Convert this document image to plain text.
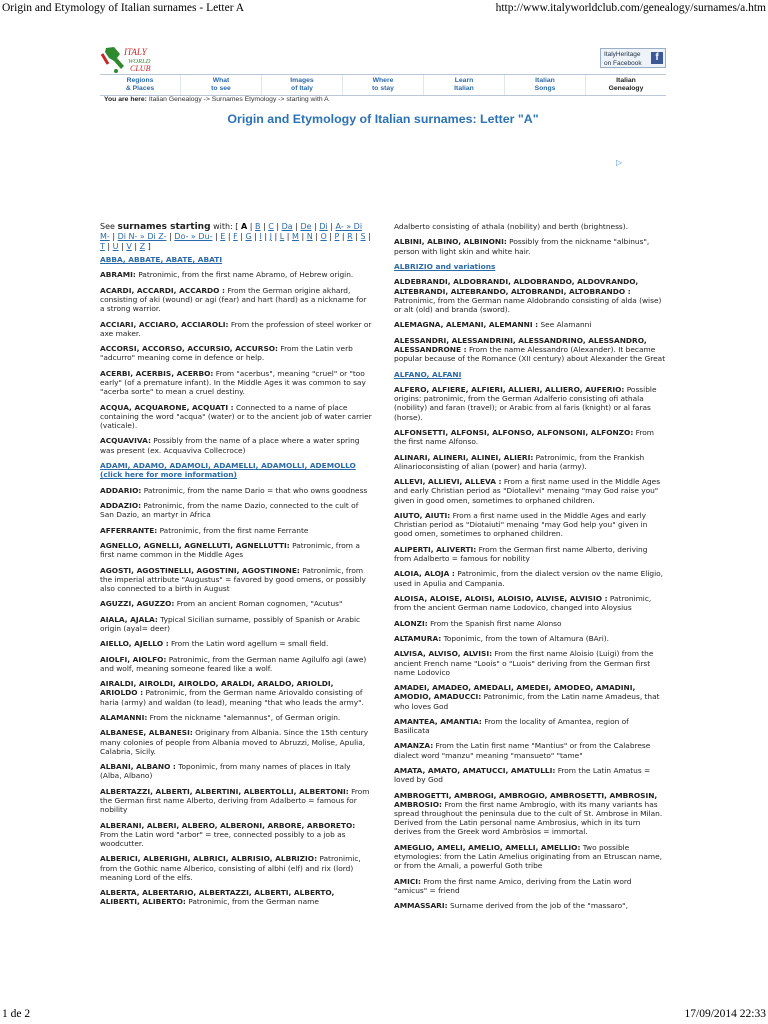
Origin and Etymology of Italian surnames - Letter A	http://www.italyworldclub.com/genealogy/surnames/a.htm
ITALY
WORLD
CLUB
ItalyHeritage
on Facebook
f
Regions
& Places
What
to see
Images
of Italy
Where
to stay
Learn
Italian
Italian
Songs
Italian
Genealogy
You are here: Italian Genealogy -> Surnames Etymology -> starting with A
Origin and Etymology of Italian surnames: Letter "A"
▷
See surnames starting with: [ A | B | C | Da | De | Di | A- » Di M- | Di N- » Di Z- | Do- » Du- | E | F | G | I | J | L | M | N | O | P | R | S | T | U | V | Z ]

ABBA, ABBATE, ABATE, ABATI

ABRAMI: Patronimic, from the first name Abramo, of Hebrew origin.

ACARDI, ACCARDI, ACCARDO : From the German origine akhard, consisting of aki (wound) or agi (fear) and hart (hard) as a nickname for a strong warrior.

ACCIARI, ACCIARO, ACCIAROLI: From the profession of steel worker or axe maker.

ACCORSI, ACCORSO, ACCURSIO, ACCURSO: From the Latin verb "adcurro" meaning come in defence or help.

ACERBI, ACERBIS, ACERBO: From "acerbus", meaning "cruel" or "too early" (of a premature infant). In the Middle Ages it was common to say "acerba sorte" to mean a cruel destiny.

ACQUA, ACQUARONE, ACQUATI : Connected to a name of place containing the word "acqua" (water) or to the ancient job of water carrier (vaticale).

ACQUAVIVA: Possibly from the name of a place where a water spring was present (ex. Acquaviva Collecroce)

ADAMI, ADAMO, ADAMOLI, ADAMELLI, ADAMOLLI, ADEMOLLO (click here for more information)

ADDARIO: Patronimic, from the name Dario = that who owns goodness

ADDAZIO: Patronimic, from the name Dazio, connected to the cult of San Dazio, an martyr in Africa

AFFERRANTE: Patronimic, from the first name Ferrante

AGNELLO, AGNELLI, AGNELLUTI, AGNELLUTTI: Patronimic, from a first name common in the Middle Ages

AGOSTI, AGOSTINELLI, AGOSTINI, AGOSTINONE: Patronimic, from the imperial attribute "Augustus" = favored by good omens, or possibly also connected to a birth in August

AGUZZI, AGUZZO: From an ancient Roman cognomen, "Acutus"

AIALA, AJALA: Typical Sicilian surname, possibly of Spanish or Arabic origin (ayal= deer)

AIELLO, AJELLO : From the Latin word agellum = small field.

AIOLFI, AIOLFO: Patronimic, from the German name Agilulfo agi (awe) and wolf, meaning someone feared like a wolf.

AIRALDI, AIROLDI, AIROLDO, ARALDI, ARALDO, ARIOLDI, ARIOLDO : Patronimic, from the German name Ariovaldo consisting of haria (army) and waldan (to lead), meaning "that who leads the army".

ALAMANNI: From the nickname "alemannus", of German origin.

ALBANESE, ALBANESI: Originary from Albania. Since the 15th century many colonies of people from Albania moved to Abruzzi, Molise, Apulia, Calabria, Sicily.

ALBANI, ALBANO : Toponimic, from many names of places in Italy (Alba, Albano)

ALBERTAZZI, ALBERTI, ALBERTINI, ALBERTOLLI, ALBERTONI: From the German first name Alberto, deriving from Adalberto = famous for nobility

ALBERANI, ALBERI, ALBERO, ALBERONI, ARBORE, ARBORETO: From the Latin word "arbor" = tree, connected possibly to a job as woodcutter.

ALBERICI, ALBERIGHI, ALBRICI, ALBRISIO, ALBRIZIO: Patronimic, from the Gothic name Alberico, consisting of albhi (elf) and rix (lord) meaning Lord of the elfs.

ALBERTA, ALBERTARIO, ALBERTAZZI, ALBERTI, ALBERTO, ALIBERTI, ALIBERTO: Patronimic, from the German name

Adalberto consisting of athala (nobility) and berth (brightness).

ALBINI, ALBINO, ALBINONI: Possibly from the nickname "albinus", person with light skin and white hair.

ALBRIZIO and variations

ALDEBRANDI, ALDOBRANDI, ALDOBRANDO, ALDOVRANDO, ALTEBRANDI, ALTEBRANDO, ALTOBRANDI, ALTOBRANDO : Patronimic, from the German name Aldobrando consisting of alda (wise) or alt (old) and branda (sword).

ALEMAGNA, ALEMANI, ALEMANNI : See Alamanni

ALESSANDRI, ALESSANDRINI, ALESSANDRINO, ALESSANDRO, ALESSANDRONE : From the name Alessandro (Alexander). It became popular because of the Romance (XII century) about Alexander the Great

ALFANO, ALFANI

ALFERO, ALFIERE, ALFIERI, ALLIERI, ALLIERO, AUFERIO: Possible origins: patronimic, from the German Adalferio consisting ofi athala (nobility) and faran (travel); or Arabic from al faris (knight) or al faras (horse).

ALFONSETTI, ALFONSI, ALFONSO, ALFONSONI, ALFONZO: From the first name Alfonso.

ALINARI, ALINERI, ALINEI, ALIERI: Patronimic, from the Frankish Alinarioconsisting of alian (power) and haria (army).

ALLEVI, ALLIEVI, ALLEVA : From a first name used in the Middle Ages and early Christian period as "Diotallevi" menaing "may God raise you" given in good omen, sometimes to orphaned children.

AIUTO, AIUTI: From a first name used in the Middle Ages and early Christian period as "Diotaiuti" menaing "may God help you" given in good omen, sometimes to orphaned children.

ALIPERTI, ALIVERTI: From the German first name Alberto, deriving from Adalberto = famous for nobility

ALOIA, ALOJA : Patronimic, from the dialect version ov the name Eligio, used in Apulia and Campania.

ALOISA, ALOISE, ALOISI, ALOISIO, ALVISE, ALVISIO : Patronimic, from the ancient German name Lodovico, changed into Aloysius

ALONZI: From the Spanish first name Alonso

ALTAMURA: Toponimic, from the town of Altamura (BAri).

ALVISA, ALVISO, ALVISI: From the first name Aloisio (Luigi) from the ancient French name "Loois" o "Luois" deriving from the German first name Lodovico

AMADEI, AMADEO, AMEDALI, AMEDEI, AMODEO, AMADINI, AMODIO, AMADUCCI: Patronimic, from the Latin name Amadeus, that who loves God

AMANTEA, AMANTIA: From the locality of Amantea, region of Basilicata

AMANZA: From the Latin first name "Mantius" or from the Calabrese dialect word "manzu" meaning "mansueto" "tame"

AMATA, AMATO, AMATUCCI, AMATULLI: From the Latin Amatus = loved by God

AMBROGETTI, AMBROGI, AMBROGIO, AMBROSETTI, AMBROSIN, AMBROSIO: From the first name Ambrogio, with its many variants has spread throughout the peninsula due to the cult of St. Ambrose in Milan. Derived from the Latin personal name Ambrosius, which in its turn derives from the Greek word Ambròsios = immortal.

AMEGLIO, AMELI, AMELIO, AMELLI, AMELLIO: Two possible etymologies: from the Latin Amelius originating from an Etruscan name, or from the Amali, a powerful Goth tribe

AMICI: From the first name Amico, deriving from the Latin word "amicus" = friend

AMMASSARI: Surname derived from the job of the "massaro",

1 de 2	17/09/2014 22:33
